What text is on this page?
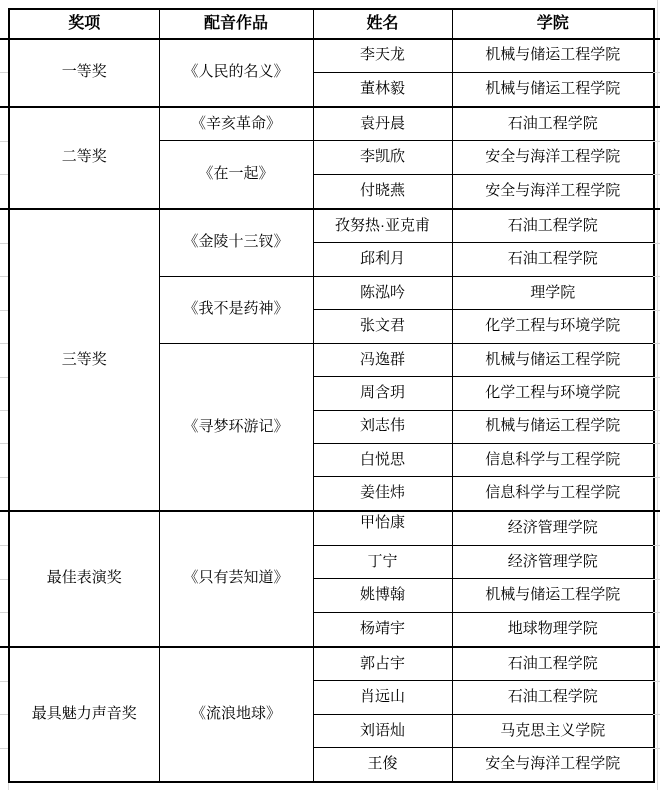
奖项	配音作品	姓名	学院
一等奖	《人民的名义》	李天龙	机械与储运工程学院
		董林毅	机械与储运工程学院
二等奖	《辛亥革命》	袁丹晨	石油工程学院
	《在一起》	李凯欣	安全与海洋工程学院
		付晓燕	安全与海洋工程学院
三等奖	《金陵十三钗》	孜努热·亚克甫	石油工程学院
		邱利月	石油工程学院
	《我不是药神》	陈泓吟	理学院
		张文君	化学工程与环境学院
	《寻梦环游记》	冯逸群	机械与储运工程学院
		周含玥	化学工程与环境学院
		刘志伟	机械与储运工程学院
		白悦思	信息科学与工程学院
		姜佳炜	信息科学与工程学院
最佳表演奖	《只有芸知道》	甲怡康	经济管理学院
		丁宁	经济管理学院
		姚博翰	机械与储运工程学院
		杨靖宇	地球物理学院
最具魅力声音奖	《流浪地球》	郭占宇	石油工程学院
		肖远山	石油工程学院
		刘语灿	马克思主义学院
		王俊	安全与海洋工程学院
